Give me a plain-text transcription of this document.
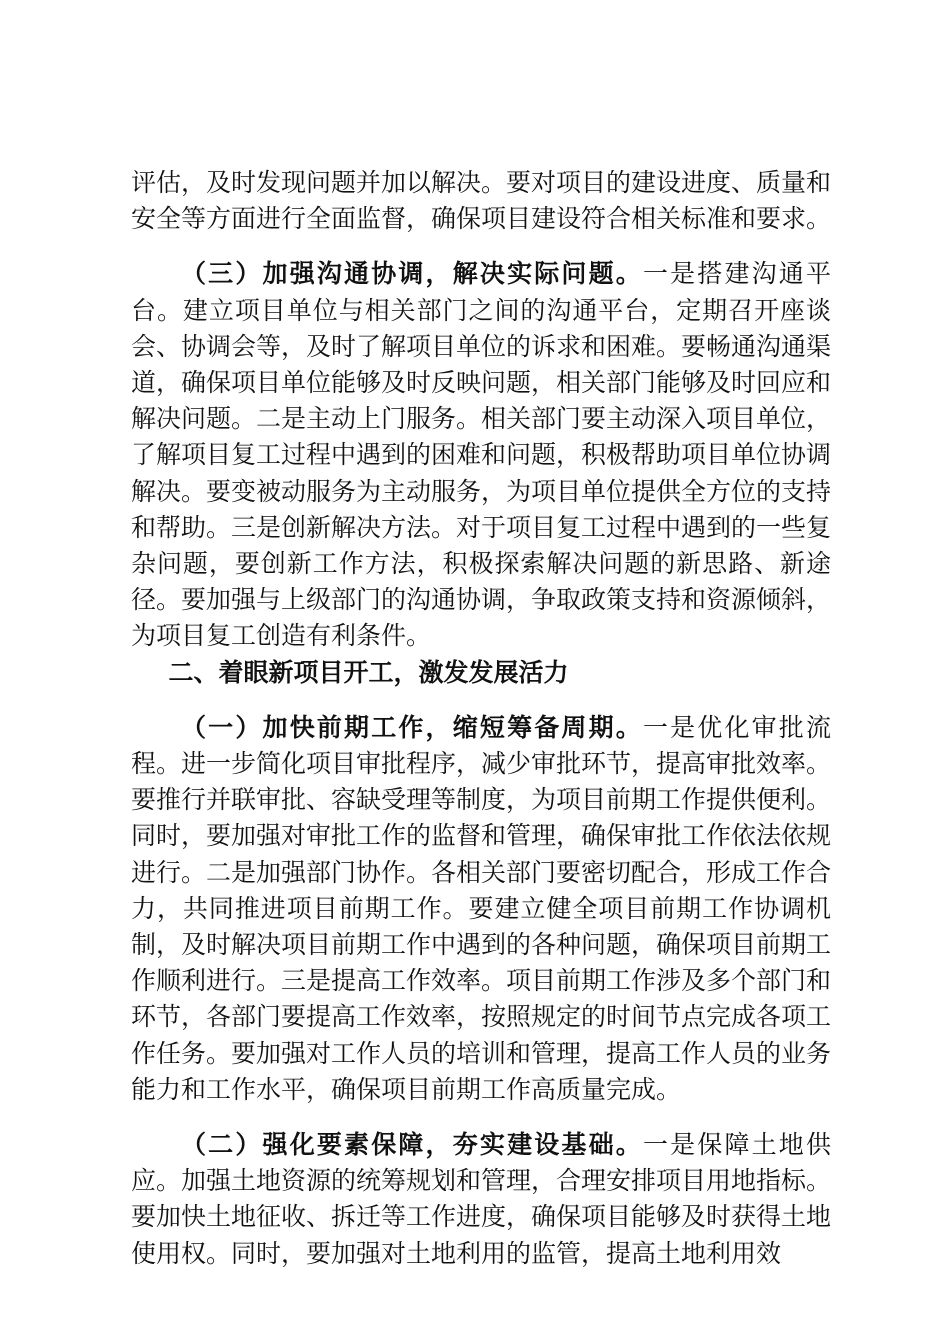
评估，及时发现问题并加以解决。要对项目的建设进度、质量和安全等方面进行全面监督，确保项目建设符合相关标准和要求。

（三）加强沟通协调，解决实际问题。一是搭建沟通平台。建立项目单位与相关部门之间的沟通平台，定期召开座谈会、协调会等，及时了解项目单位的诉求和困难。要畅通沟通渠道，确保项目单位能够及时反映问题，相关部门能够及时回应和解决问题。二是主动上门服务。相关部门要主动深入项目单位，了解项目复工过程中遇到的困难和问题，积极帮助项目单位协调解决。要变被动服务为主动服务，为项目单位提供全方位的支持和帮助。三是创新解决方法。对于项目复工过程中遇到的一些复杂问题，要创新工作方法，积极探索解决问题的新思路、新途径。要加强与上级部门的沟通协调，争取政策支持和资源倾斜，为项目复工创造有利条件。

二、着眼新项目开工，激发发展活力

（一）加快前期工作，缩短筹备周期。一是优化审批流程。进一步简化项目审批程序，减少审批环节，提高审批效率。要推行并联审批、容缺受理等制度，为项目前期工作提供便利。同时，要加强对审批工作的监督和管理，确保审批工作依法依规进行。二是加强部门协作。各相关部门要密切配合，形成工作合力，共同推进项目前期工作。要建立健全项目前期工作协调机制，及时解决项目前期工作中遇到的各种问题，确保项目前期工作顺利进行。三是提高工作效率。项目前期工作涉及多个部门和环节，各部门要提高工作效率，按照规定的时间节点完成各项工作任务。要加强对工作人员的培训和管理，提高工作人员的业务能力和工作水平，确保项目前期工作高质量完成。

（二）强化要素保障，夯实建设基础。一是保障土地供应。加强土地资源的统筹规划和管理，合理安排项目用地指标。要加快土地征收、拆迁等工作进度，确保项目能够及时获得土地使用权。同时，要加强对土地利用的监管，提高土地利用效
